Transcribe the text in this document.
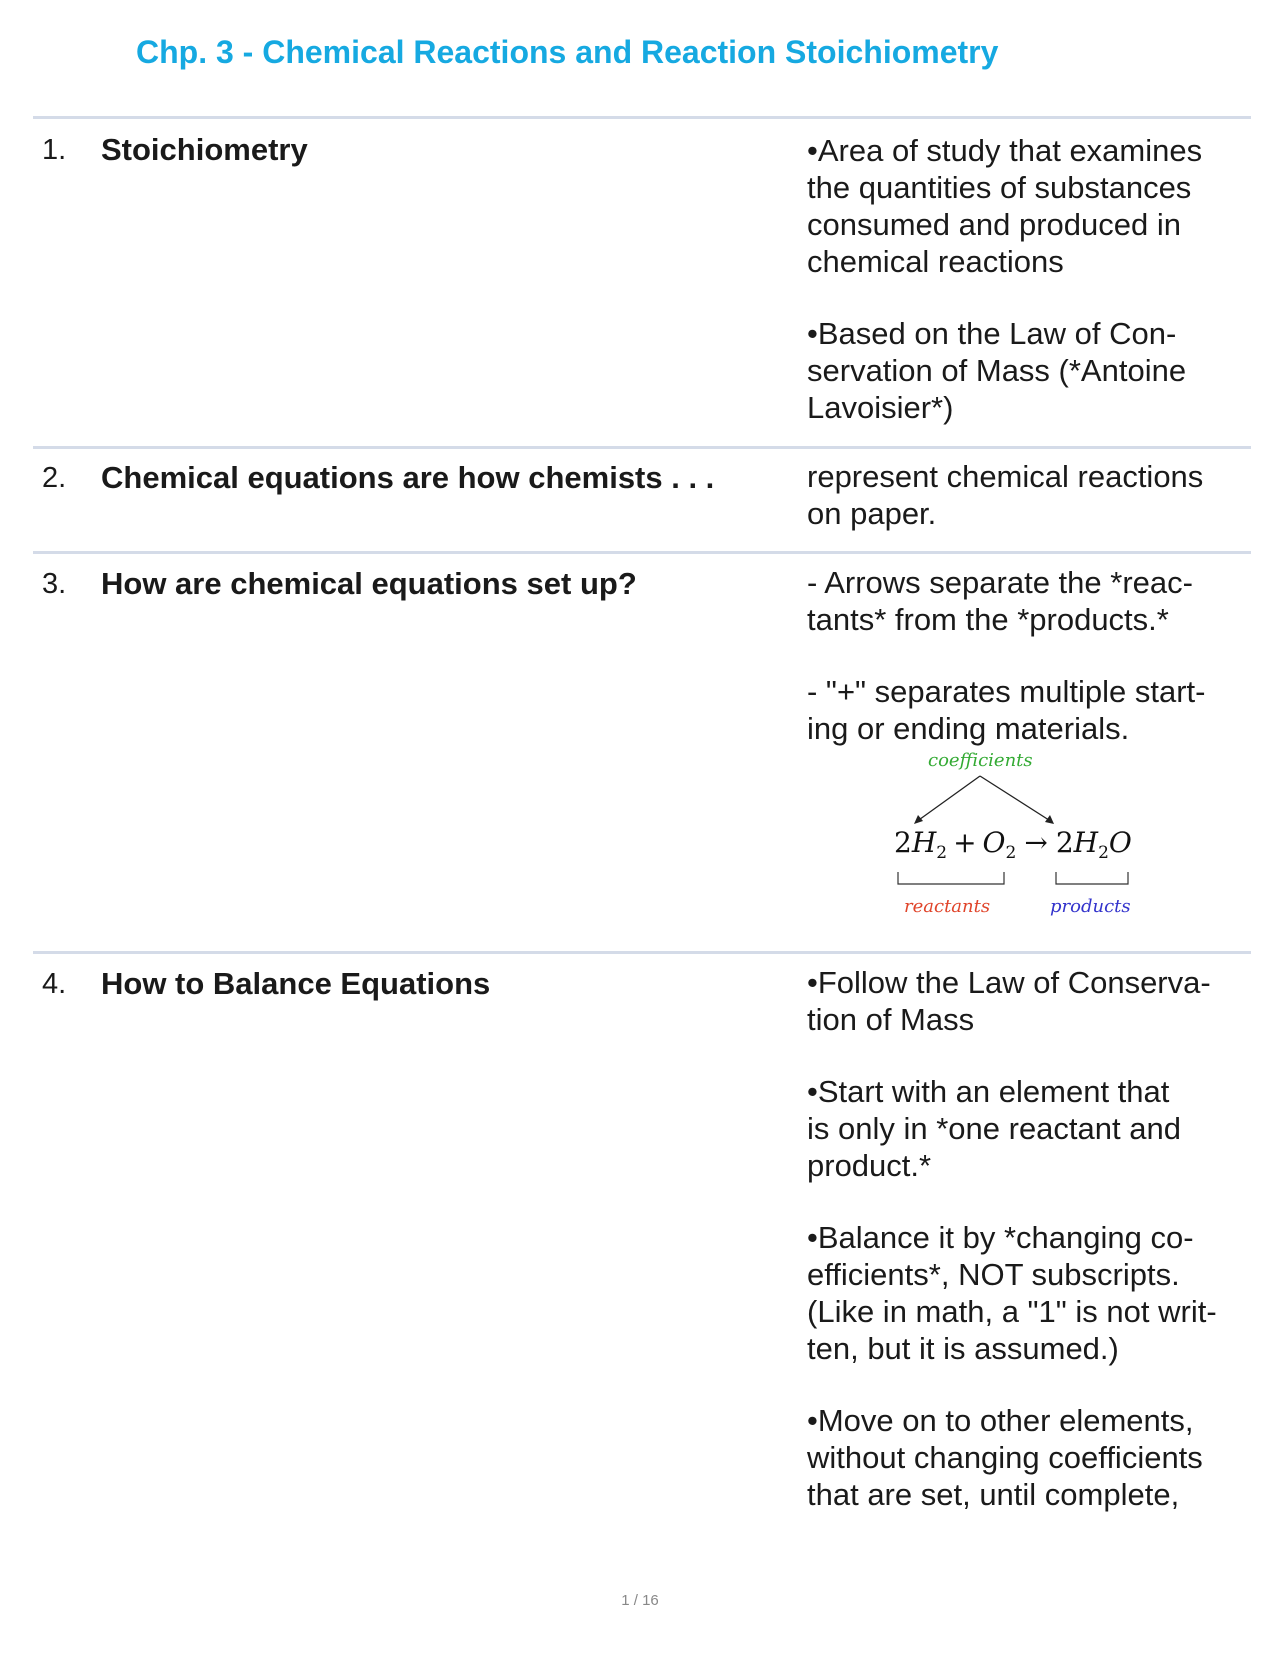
Chp. 3 - Chemical Reactions and Reaction Stoichiometry
1. Stoichiometry	•Area of study that examines
the quantities of substances
consumed and produced in
chemical reactions

•Based on the Law of Con-
servation of Mass (*Antoine
Lavoisier*)

2. Chemical equations are how chemists . . .	represent chemical reactions
on paper.

3. How are chemical equations set up?	- Arrows separate the *reac-
tants* from the *products.*

- "+" separates multiple start-
ing or ending materials.

coefficients
$2H_2 + O_2 \to 2H_2O$
reactants	products
4. How to Balance Equations	•Follow the Law of Conserva-
tion of Mass

•Start with an element that
is only in *one reactant and
product.*

•Balance it by *changing co-
efficients*, NOT subscripts.
(Like in math, a "1" is not writ-
ten, but it is assumed.)

•Move on to other elements,
without changing coefficients
that are set, until complete,

1 / 16
